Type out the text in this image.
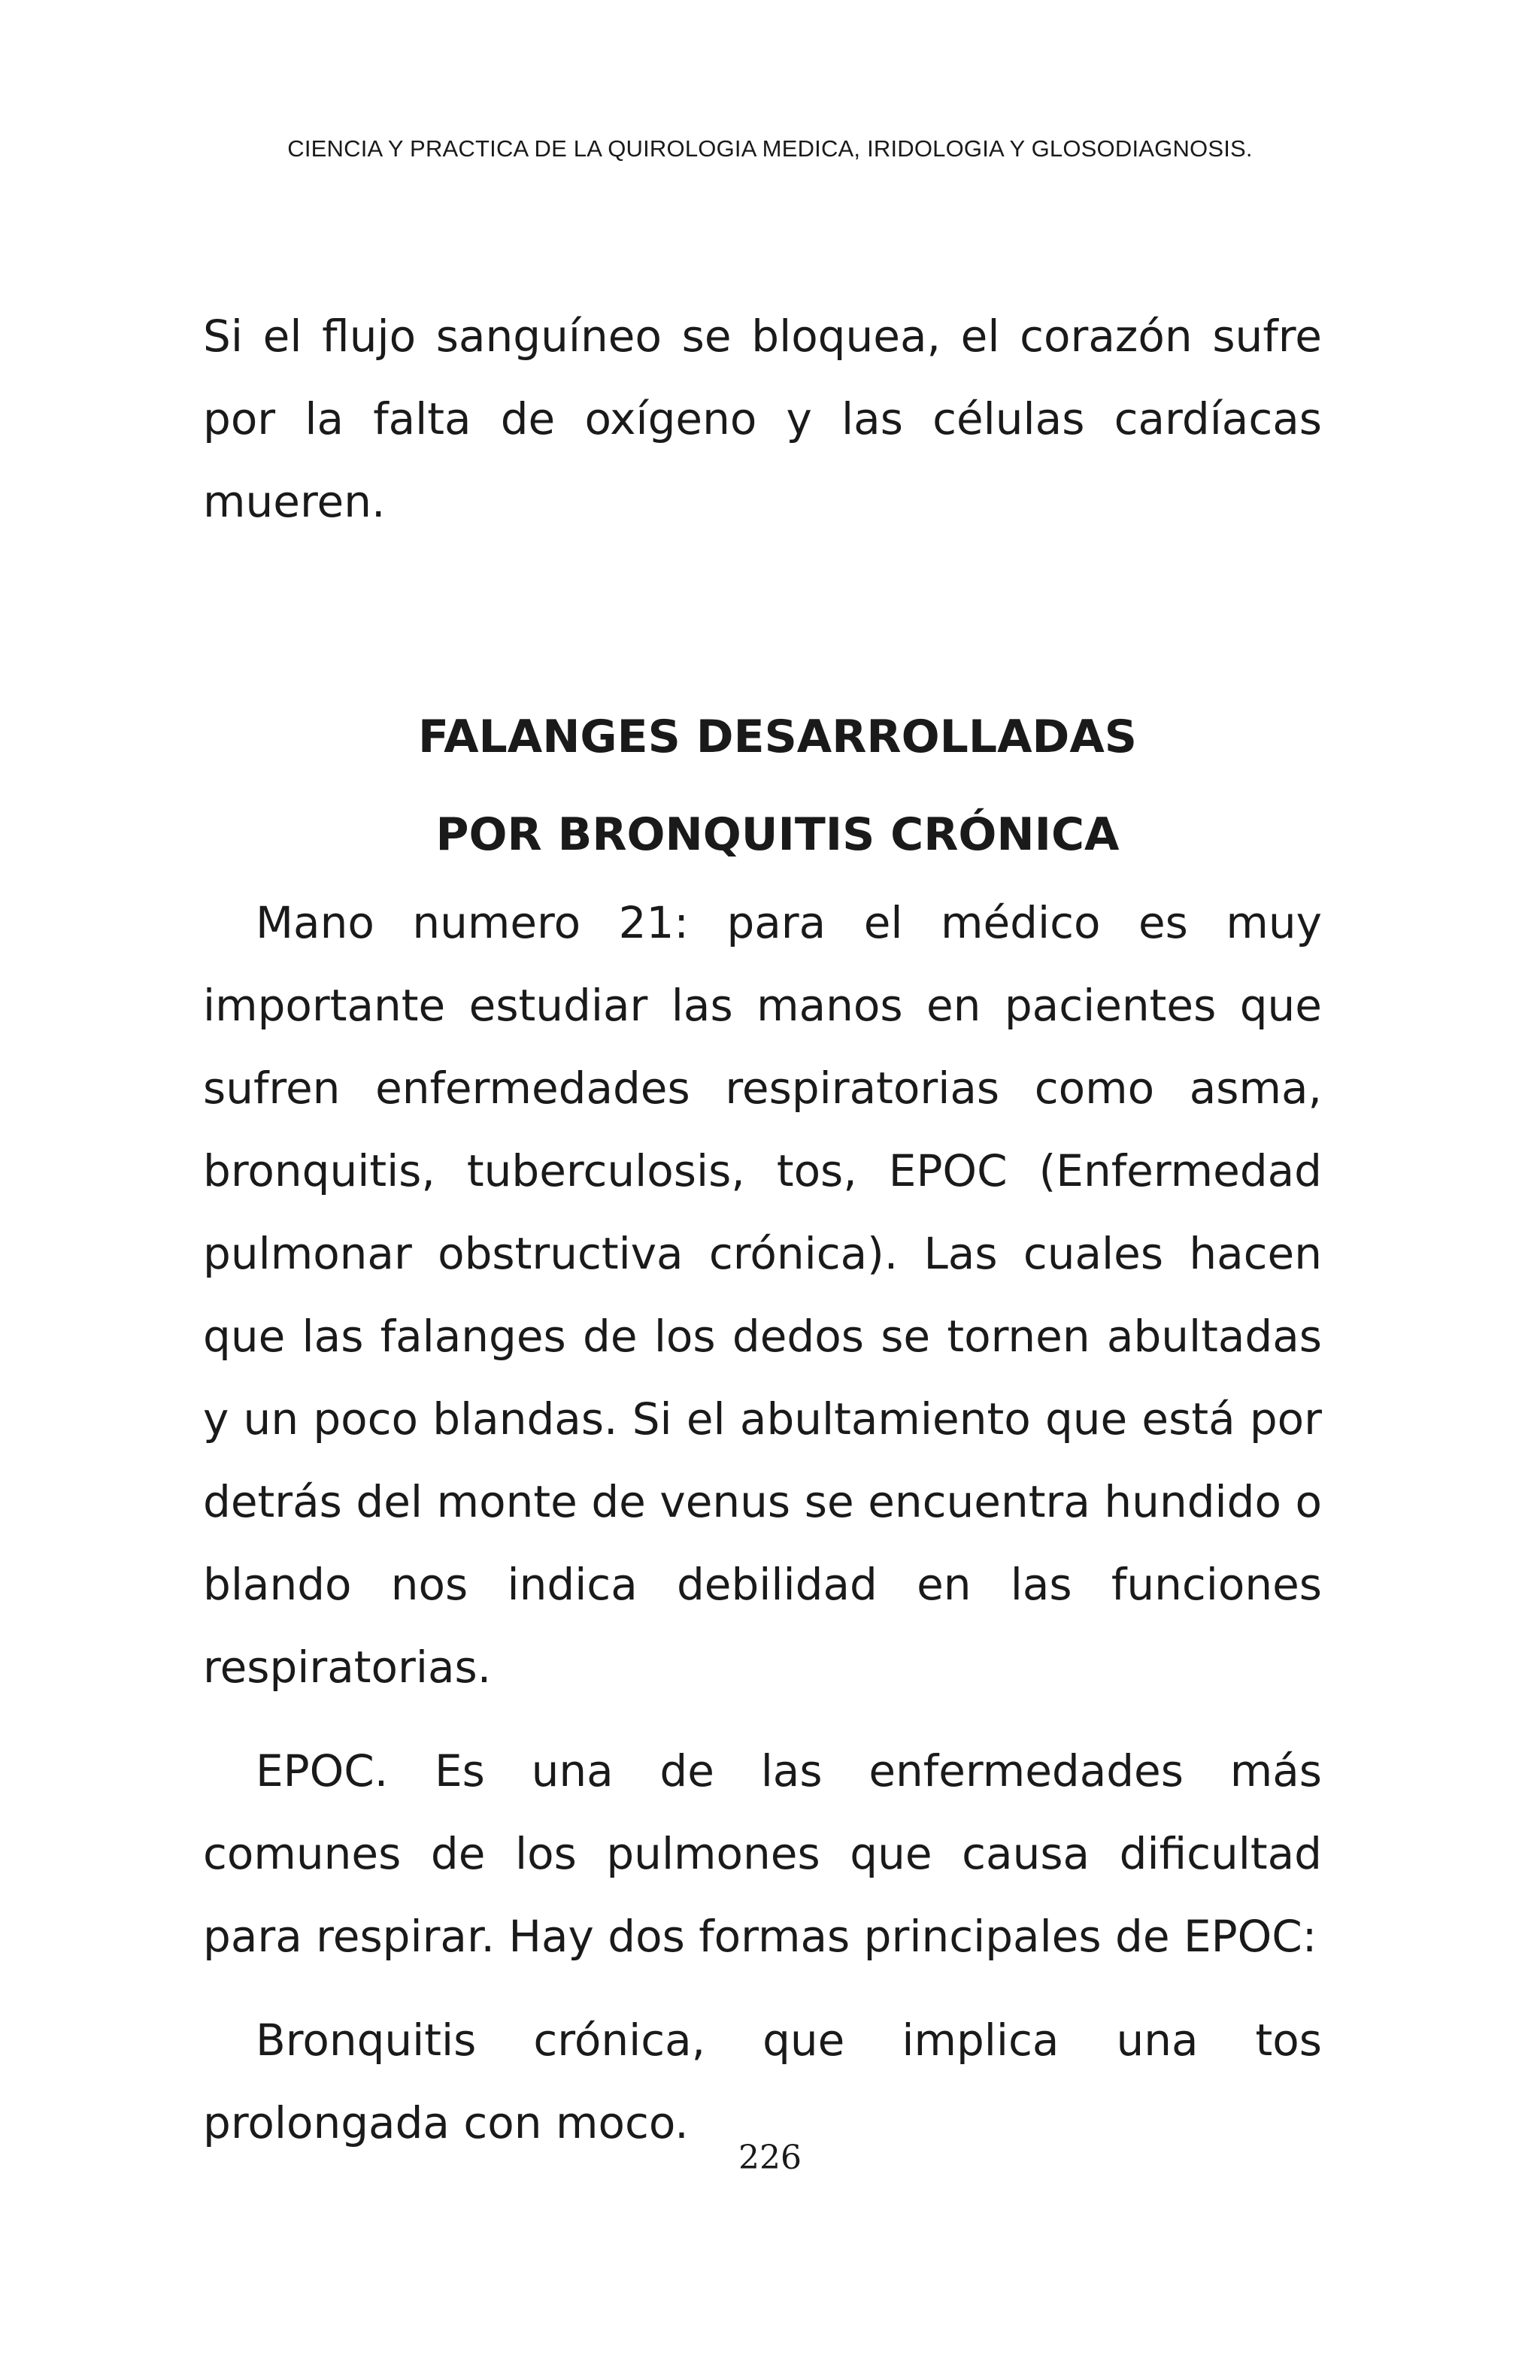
CIENCIA Y PRACTICA DE LA QUIROLOGIA MEDICA, IRIDOLOGIA Y GLOSODIAGNOSIS.

Si el flujo sanguíneo se bloquea, el corazón sufre por la falta de oxígeno y las células cardíacas mueren.

FALANGES DESARROLLADAS
POR BRONQUITIS CRÓNICA

Mano numero 21: para el médico es muy importante estudiar las manos en pacientes que sufren enfermedades respiratorias como asma, bronquitis, tuberculosis, tos, EPOC (Enfermedad pulmonar obstructiva crónica). Las cuales hacen que las falanges de los dedos se tornen abultadas y un poco blandas. Si el abultamiento que está por detrás del monte de venus se encuentra hundido o blando nos indica debilidad en las funciones respiratorias.

EPOC. Es una de las enfermedades más comunes de los pulmones que causa dificultad para respirar. Hay dos formas principales de EPOC:

Bronquitis crónica, que implica una tos prolongada con moco.

226
